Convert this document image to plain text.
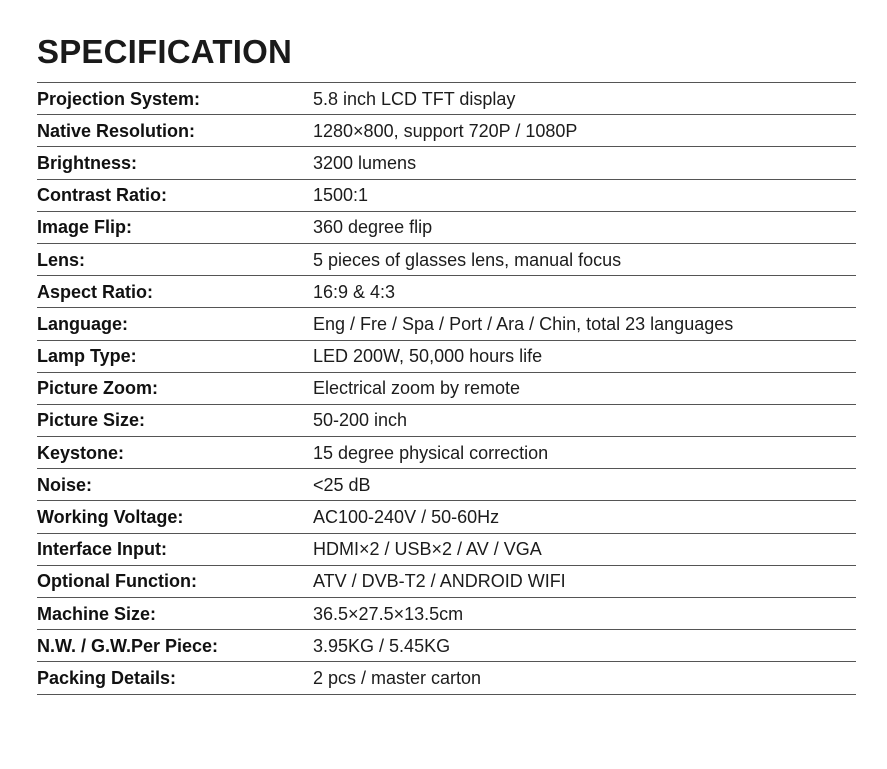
SPECIFICATION
Projection System:	5.8 inch LCD TFT display
Native Resolution:	1280×800, support 720P / 1080P
Brightness:	3200 lumens
Contrast Ratio:	1500:1
Image Flip:	360 degree flip
Lens:	5 pieces of glasses lens, manual focus
Aspect Ratio:	16:9 & 4:3
Language:	Eng / Fre / Spa / Port / Ara / Chin, total 23 languages
Lamp Type:	LED 200W, 50,000 hours life
Picture Zoom:	Electrical zoom by remote
Picture Size:	50-200 inch
Keystone:	15 degree physical correction
Noise:	<25 dB
Working Voltage:	AC100-240V / 50-60Hz
Interface Input:	HDMI×2 / USB×2 / AV / VGA
Optional Function:	ATV / DVB-T2 / ANDROID WIFI
Machine Size:	36.5×27.5×13.5cm
N.W. / G.W.Per Piece:	3.95KG / 5.45KG
Packing Details:	2 pcs / master carton
